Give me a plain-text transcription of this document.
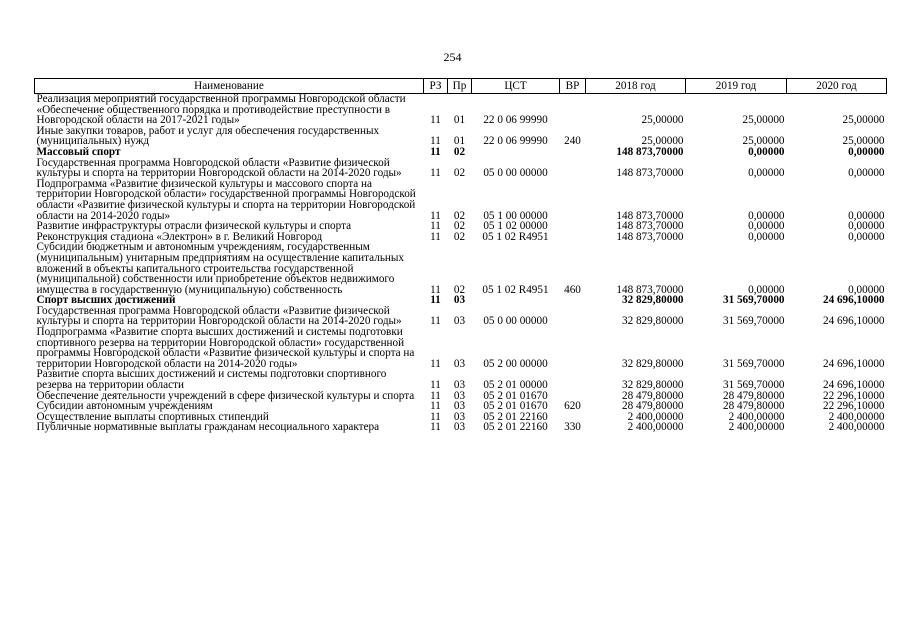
254
Наименование	РЗ	Пр	ЦСТ	ВР	2018 год	2019 год	2020 год
Реализация мероприятий государственной программы Новгородской области «Обеспечение общественного порядка и противодействие преступности в Новгородской области на 2017-2021 годы»	11	01	22 0 06 99990		25,00000	25,00000	25,00000
Иные закупки товаров, работ и услуг для обеспечения государственных (муниципальных) нужд	11	01	22 0 06 99990	240	25,00000	25,00000	25,00000
Массовый спорт	11	02			148 873,70000	0,00000	0,00000
Государственная программа Новгородской области «Развитие физической культуры и спорта на территории Новгородской области на 2014-2020 годы»	11	02	05 0 00 00000		148 873,70000	0,00000	0,00000
Подпрограмма «Развитие физической культуры и массового спорта на территории Новгородской области» государственной программы Новгородской области «Развитие физической культуры и спорта на территории Новгородской области на 2014-2020 годы»	11	02	05 1 00 00000		148 873,70000	0,00000	0,00000
Развитие инфраструктуры отрасли физической культуры и спорта	11	02	05 1 02 00000		148 873,70000	0,00000	0,00000
Реконструкция стадиона «Электрон» в г. Великий Новгород	11	02	05 1 02 R4951		148 873,70000	0,00000	0,00000
Субсидии бюджетным и автономным учреждениям, государственным (муниципальным) унитарным предприятиям на осуществление капитальных вложений в объекты капитального строительства государственной (муниципальной) собственности или приобретение объектов недвижимого имущества в государственную (муниципальную) собственность	11	02	05 1 02 R4951	460	148 873,70000	0,00000	0,00000
Спорт высших достижений	11	03			32 829,80000	31 569,70000	24 696,10000
Государственная программа Новгородской области «Развитие физической культуры и спорта на территории Новгородской области на 2014-2020 годы»	11	03	05 0 00 00000		32 829,80000	31 569,70000	24 696,10000
Подпрограмма «Развитие спорта высших достижений и системы подготовки спортивного резерва на территории Новгородской области» государственной программы Новгородской области «Развитие физической культуры и спорта на территории Новгородской области на 2014-2020 годы»	11	03	05 2 00 00000		32 829,80000	31 569,70000	24 696,10000
Развитие спорта высших достижений и системы подготовки спортивного резерва на территории области	11	03	05 2 01 00000		32 829,80000	31 569,70000	24 696,10000
Обеспечение деятельности учреждений в сфере физической культуры и спорта	11	03	05 2 01 01670		28 479,80000	28 479,80000	22 296,10000
Субсидии автономным учреждениям	11	03	05 2 01 01670	620	28 479,80000	28 479,80000	22 296,10000
Осуществление выплаты спортивных стипендий	11	03	05 2 01 22160		2 400,00000	2 400,00000	2 400,00000
Публичные нормативные выплаты гражданам несоциального характера	11	03	05 2 01 22160	330	2 400,00000	2 400,00000	2 400,00000
